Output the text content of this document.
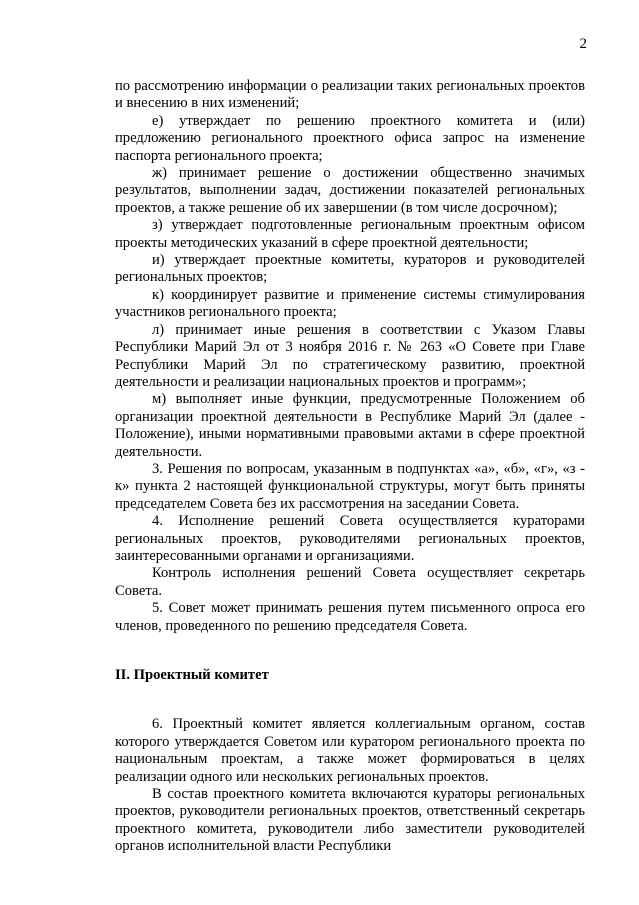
2
по рассмотрению информации о реализации таких региональных проектов и внесению в них изменений;
е) утверждает по решению проектного комитета и (или) предложению регионального проектного офиса запрос на изменение паспорта регионального проекта;
ж) принимает решение о достижении общественно значимых результатов, выполнении задач, достижении показателей региональных проектов, а также решение об их завершении (в том числе досрочном);
з) утверждает подготовленные региональным проектным офисом проекты методических указаний в сфере проектной деятельности;
и) утверждает проектные комитеты, кураторов и руководителей региональных проектов;
к) координирует развитие и применение системы стимулирования участников регионального проекта;
л) принимает иные решения в соответствии с Указом Главы Республики Марий Эл от 3 ноября 2016 г. № 263 «О Совете при Главе Республики Марий Эл по стратегическому развитию, проектной деятельности и реализации национальных проектов и программ»;
м) выполняет иные функции, предусмотренные Положением об организации проектной деятельности в Республике Марий Эл (далее - Положение), иными нормативными правовыми актами в сфере проектной деятельности.
3. Решения по вопросам, указанным в подпунктах «а», «б», «г», «з - к» пункта 2 настоящей функциональной структуры, могут быть приняты председателем Совета без их рассмотрения на заседании Совета.
4. Исполнение решений Совета осуществляется кураторами региональных проектов, руководителями региональных проектов, заинтересованными органами и организациями.
Контроль исполнения решений Совета осуществляет секретарь Совета.
5. Совет может принимать решения путем письменного опроса его членов, проведенного по решению председателя Совета.
II. Проектный комитет
6. Проектный комитет является коллегиальным органом, состав которого утверждается Советом или куратором регионального проекта по национальным проектам, а также может формироваться в целях реализации одного или нескольких региональных проектов.
В состав проектного комитета включаются кураторы региональных проектов, руководители региональных проектов, ответственный секретарь проектного комитета, руководители либо заместители руководителей органов исполнительной власти Республики
